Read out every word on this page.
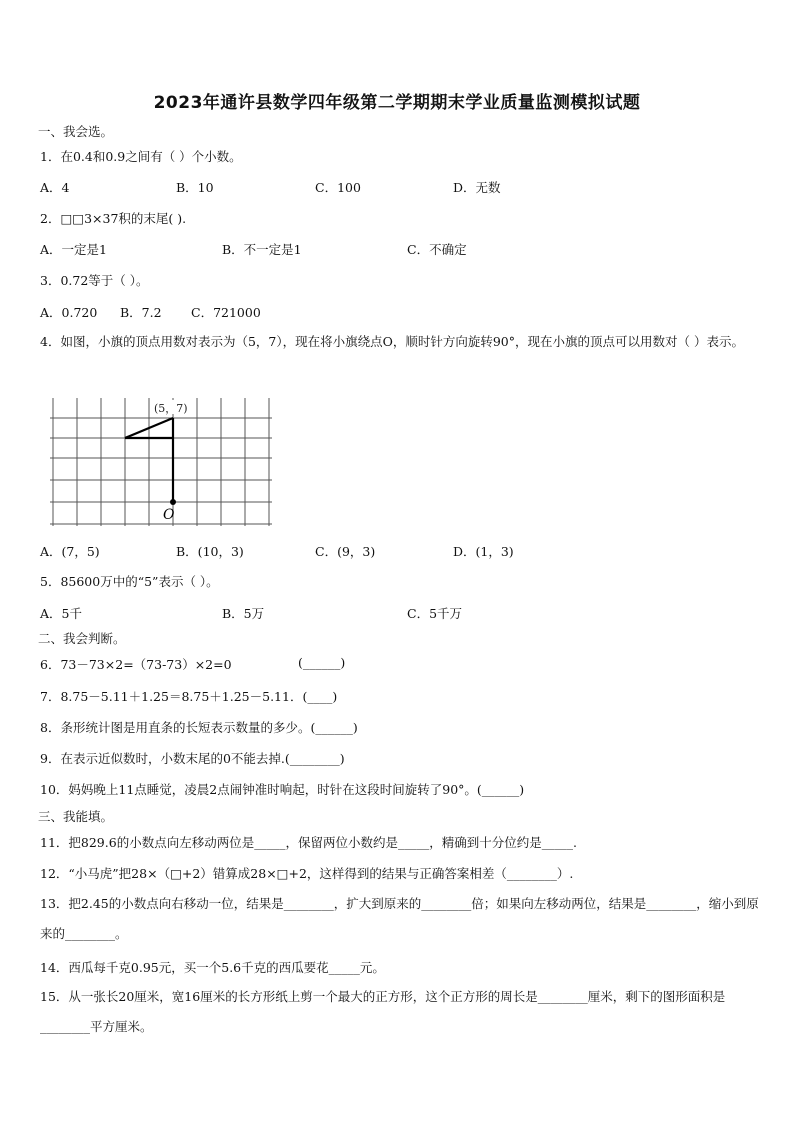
2023年通许县数学四年级第二学期期末学业质量监测模拟试题
一、我会选。
1．在0.4和0.9之间有（ ）个小数。
A．4	B．10	C．100	D．无数
2．□□3×37积的末尾( ).
A．一定是1	B．不一定是1	C．不确定
3．0.72等于（ ）。
A．0.720 B．7.2 C．721000
4．如图，小旗的顶点用数对表示为（5，7），现在将小旗绕点O，顺时针方向旋转90°，现在小旗的顶点可以用数对（ ）表示。
(5，7)
O
A．(7，5)	B．(10，3)	C．(9，3)	D．(1，3)
5．85600万中的“5”表示（ ）。
A．5千	B．5万	C．5千万
二、我会判断。
6．73－73×2=（73-73）×2=0	(______)
7．8.75－5.11＋1.25＝8.75＋1.25－5.11．(____)
8．条形统计图是用直条的长短表示数量的多少。(______)
9．在表示近似数时，小数末尾的0不能去掉.(________)
10．妈妈晚上11点睡觉，凌晨2点闹钟准时响起，时针在这段时间旋转了90°。(______)
三、我能填。
11．把829.6的小数点向左移动两位是_____，保留两位小数约是_____，精确到十分位约是_____.
12．“小马虎”把28×（□+2）错算成28×□+2，这样得到的结果与正确答案相差（________）.
13．把2.45的小数点向右移动一位，结果是________，扩大到原来的________倍；如果向左移动两位，结果是________，缩小到原来的________。
14．西瓜每千克0.95元，买一个5.6千克的西瓜要花_____元。
15．从一张长20厘米，宽16厘米的长方形纸上剪一个最大的正方形，这个正方形的周长是________厘米，剩下的图形面积是________平方厘米。
